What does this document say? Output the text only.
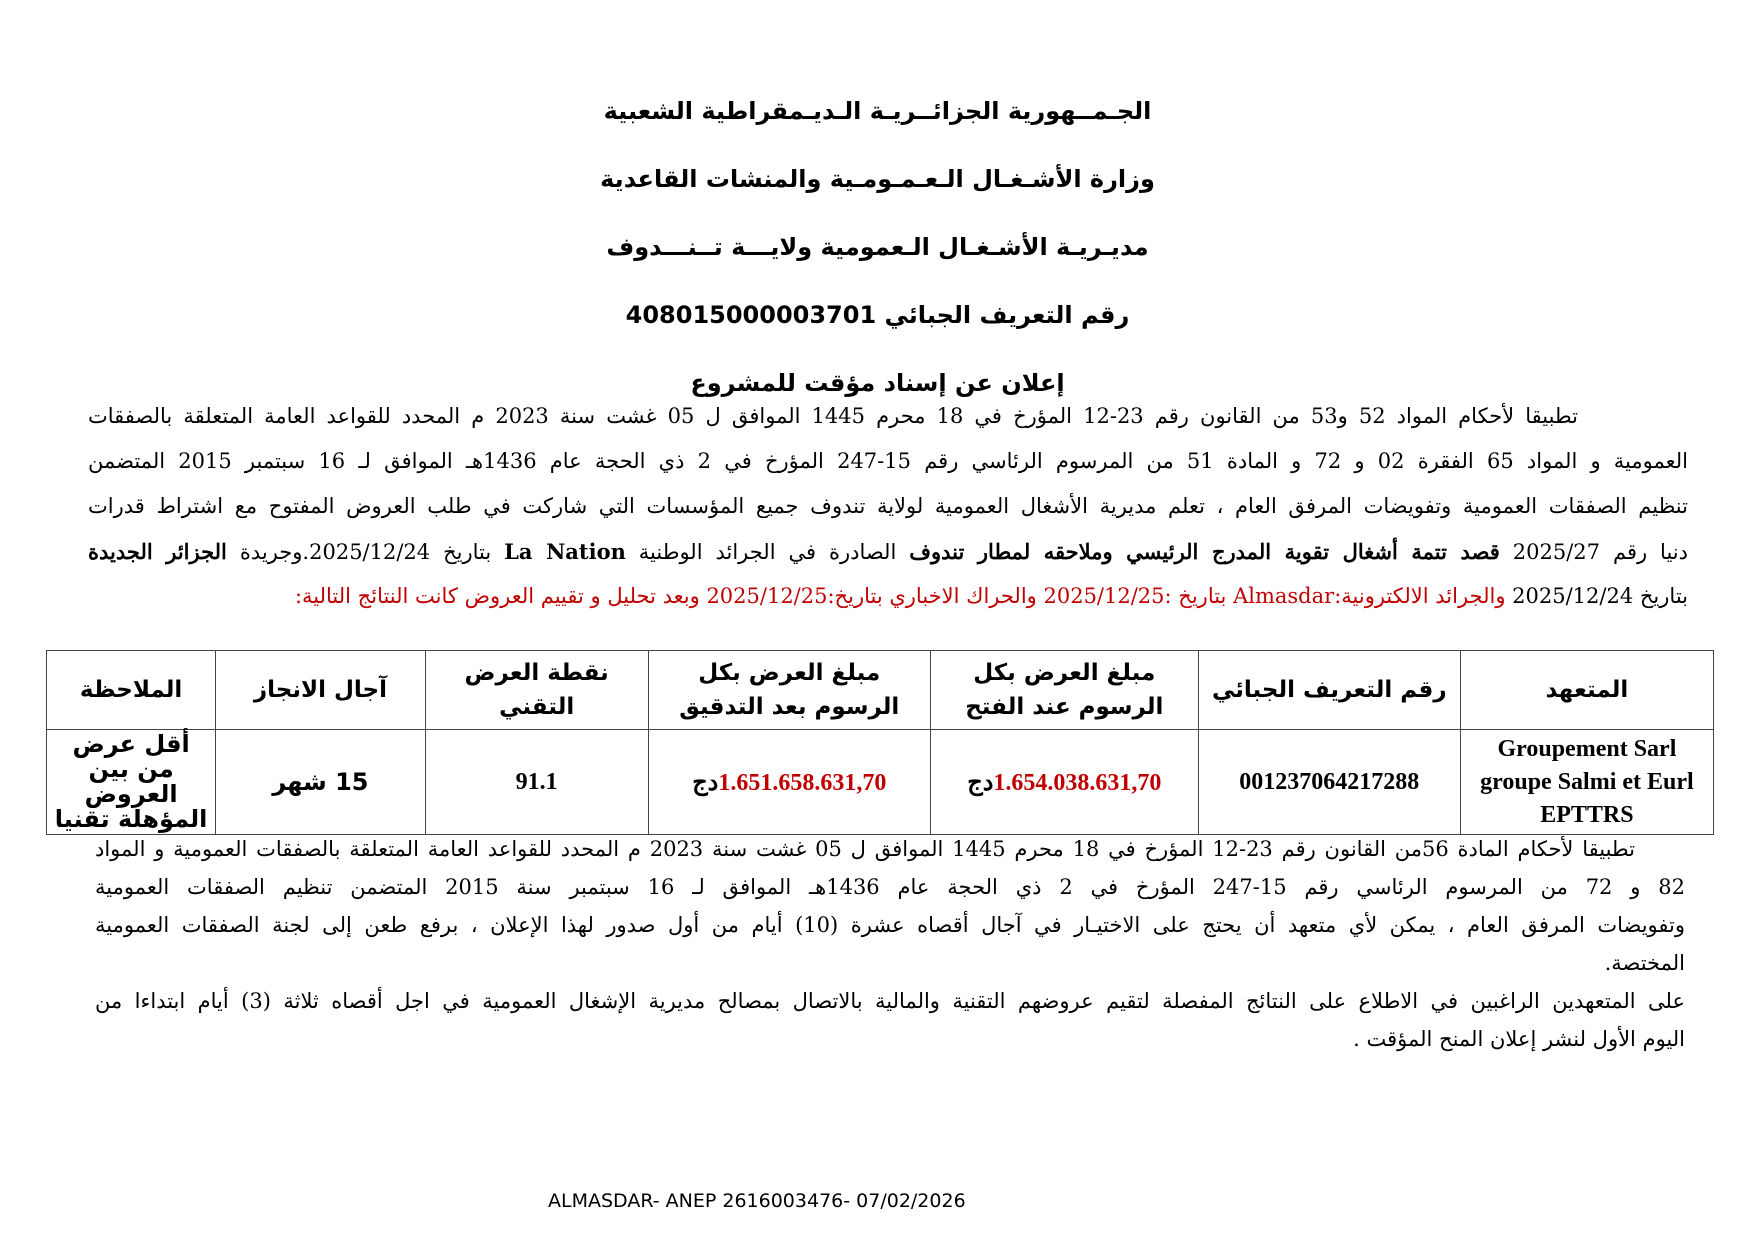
الجـمــهورية الجزائــريـة الـديـمقراطية الشعبية
وزارة الأشـغـال الـعـمـومـية والمنشات القاعدية
مديـريـة الأشـغـال الـعمومية ولايـــة تــنـــدوف
رقم التعريف الجبائي 408015000003701
إعلان عن إسناد مؤقت للمشروع
تطبيقا لأحكام المواد 52 و53 من القانون رقم 23-12 المؤرخ في 18 محرم 1445 الموافق ل 05 غشت سنة 2023 م المحدد للقواعد العامة المتعلقة بالصفقات
العمومية و المواد 65 الفقرة 02 و 72 و المادة 51 من المرسوم الرئاسي رقم 15-247 المؤرخ في 2 ذي الحجة عام 1436هـ الموافق لـ 16 سبتمبر 2015 المتضمن
تنظيم الصفقات العمومية وتفويضات المرفق العام ، تعلم مديرية الأشغال العمومية لولاية تندوف جميع المؤسسات التي شاركت في طلب العروض المفتوح مع اشتراط قدرات
دنيا رقم 2025/27 قصد تتمة أشغال تقوية المدرج الرئيسي وملاحقه لمطار تندوف الصادرة في الجرائد الوطنية La Nation بتاريخ 2025/12/24.وجريدة الجزائر الجديدة
بتاريخ 2025/12/24 والجرائد الالكترونية:Almasdar بتاريخ :2025/12/25 والحراك الاخباري بتاريخ:2025/12/25 وبعد تحليل و تقييم العروض كانت النتائج التالية:
المتعهد	رقم التعريف الجبائي	مبلغ العرض بكل الرسوم عند الفتح	مبلغ العرض بكل الرسوم بعد التدقيق	نقطة العرض التقني	آجال الانجاز	الملاحظة
Groupement Sarl groupe Salmi et Eurl EPTTRS	001237064217288	1.654.038.631,70دج	1.651.658.631,70دج	91.1	15 شهر	أقل عرض من بين العروض المؤهلة تقنيا
تطبيقا لأحكام المادة 56من القانون رقم 23-12 المؤرخ في 18 محرم 1445 الموافق ل 05 غشت سنة 2023 م المحدد للقواعد العامة المتعلقة بالصفقات العمومية و المواد
82 و 72 من المرسوم الرئاسي رقم 15-247 المؤرخ في 2 ذي الحجة عام 1436هـ الموافق لـ 16 سبتمبر سنة 2015 المتضمن تنظيم الصفقات العمومية
وتفويضات المرفق العام ، يمكن لأي متعهد أن يحتج على الاختيـار في آجال أقصاه عشرة (10) أيام من أول صدور لهذا الإعلان ، برفع طعن إلى لجنة الصفقات العمومية
المختصة.
على المتعهدين الراغبين في الاطلاع على النتائج المفصلة لتقيم عروضهم التقنية والمالية بالاتصال بمصالح مديرية الإشغال العمومية في اجل أقصاه ثلاثة (3) أيام ابتداءا من
اليوم الأول لنشر إعلان المنح المؤقت .
ALMASDAR- ANEP 2616003476- 07/02/2026
